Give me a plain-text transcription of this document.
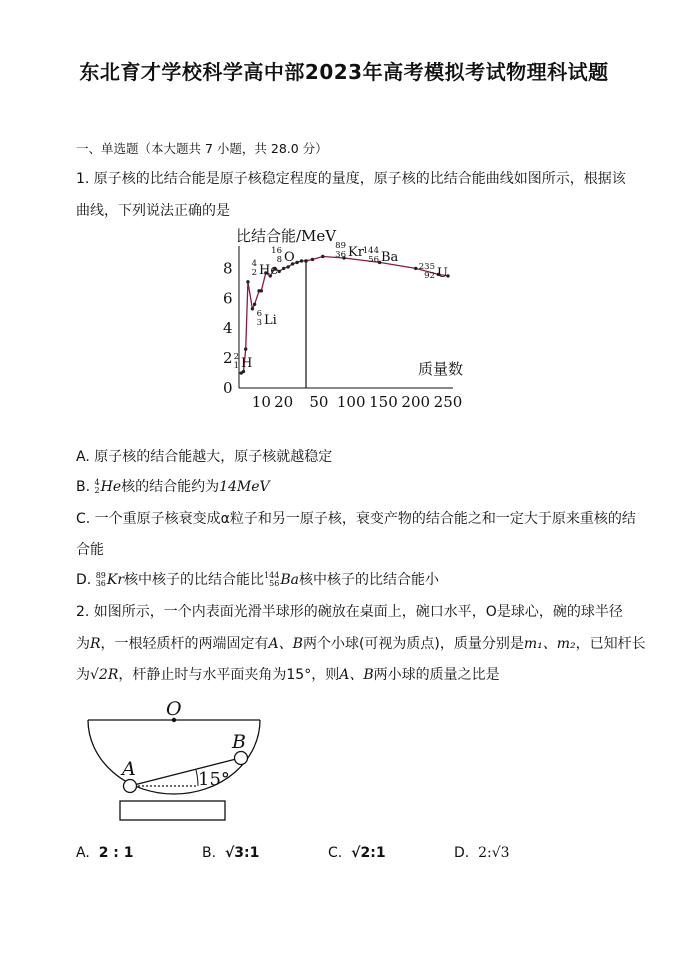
东北育才学校科学高中部2023年高考模拟考试物理科试题
一、单选题（本大题共 7 小题，共 28.0 分）
1. 原子核的比结合能是原子核稳定程度的量度，原子核的比结合能曲线如图所示，根据该
曲线，下列说法正确的是
比结合能/MeV
0
2
4
6
8
10 20 50 100 150 200 250
质量数
4
2 He
16
8 O
89
36 Kr
144
56 Ba
235
92 U
6
3 Li
2
1 H
A. 原子核的结合能越大，原子核就越稳定
B. 4
2 He核的结合能约为14MeV
C. 一个重原子核衰变成α粒子和另一原子核，衰变产物的结合能之和一定大于原来重核的结
合能
D. 89
36 Kr核中核子的比结合能比 144
56 Ba核中核子的比结合能小
2. 如图所示，一个内表面光滑半球形的碗放在桌面上，碗口水平，O是球心，碗的球半径
为R，一根轻质杆的两端固定有A、B两个小球(可视为质点)，质量分别是m₁、m₂，已知杆长
为√2R，杆静止时与水平面夹角为15°，则A、B两小球的质量之比是
O
A
B
15°
A. 2 : 1	B. √3:1	C. √2:1	D. 2:√3
